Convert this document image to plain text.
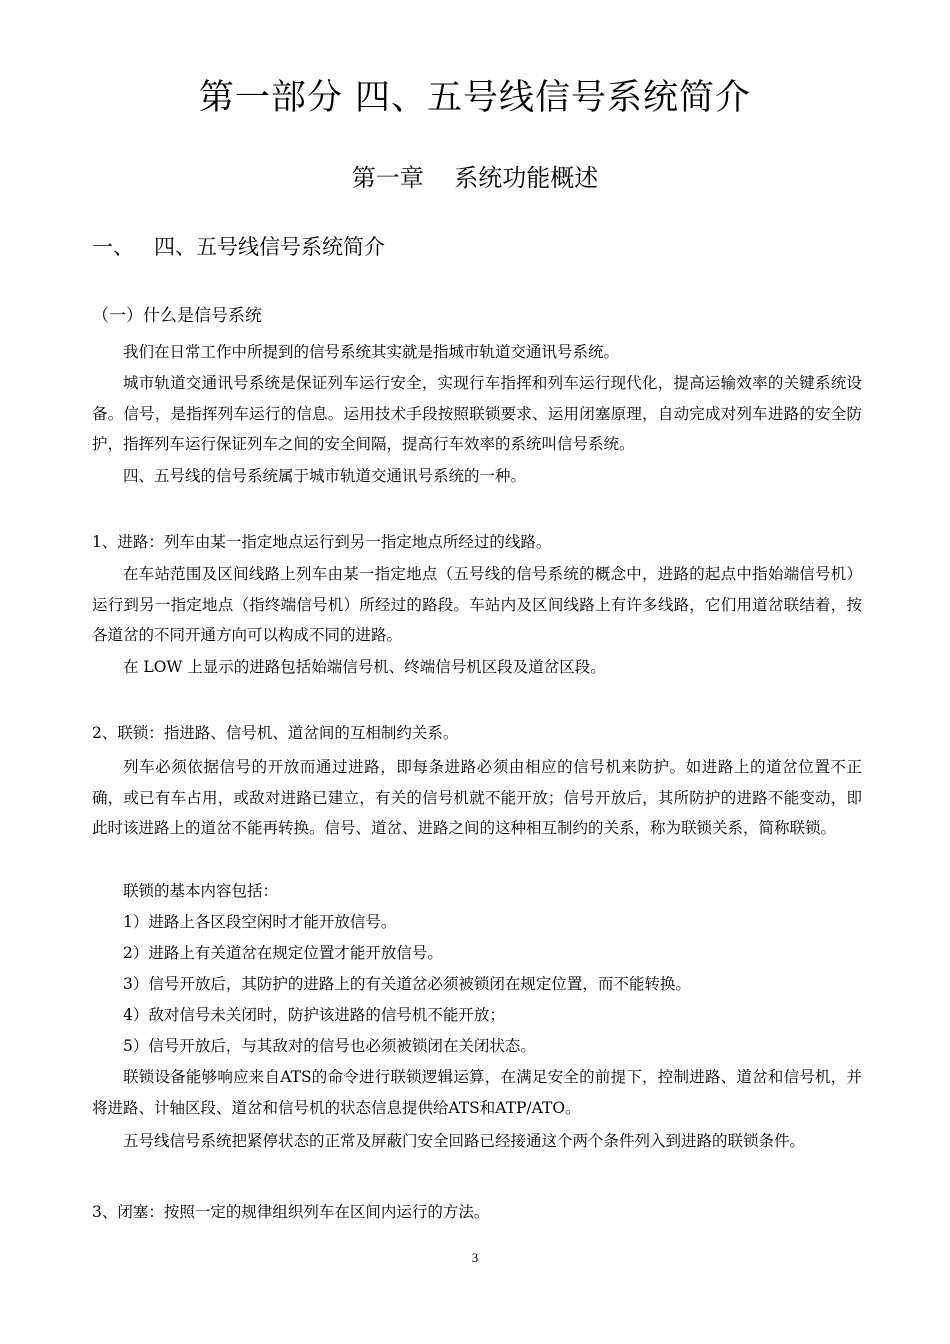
第一部分 四、五号线信号系统简介
第一章    系统功能概述
一、   四、五号线信号系统简介
（一）什么是信号系统

我们在日常工作中所提到的信号系统其实就是指城市轨道交通讯号系统。

城市轨道交通讯号系统是保证列车运行安全，实现行车指挥和列车运行现代化，提高运输效率的关键系统设备。信号，是指挥列车运行的信息。运用技术手段按照联锁要求、运用闭塞原理，自动完成对列车进路的安全防护，指挥列车运行保证列车之间的安全间隔，提高行车效率的系统叫信号系统。

四、五号线的信号系统属于城市轨道交通讯号系统的一种。

1、进路：列车由某一指定地点运行到另一指定地点所经过的线路。

在车站范围及区间线路上列车由某一指定地点（五号线的信号系统的概念中，进路的起点中指始端信号机）运行到另一指定地点（指终端信号机）所经过的路段。车站内及区间线路上有许多线路，它们用道岔联结着，按各道岔的不同开通方向可以构成不同的进路。

在 LOW 上显示的进路包括始端信号机、终端信号机区段及道岔区段。

2、联锁：指进路、信号机、道岔间的互相制约关系。

列车必须依据信号的开放而通过进路，即每条进路必须由相应的信号机来防护。如进路上的道岔位置不正确，或已有车占用，或敌对进路已建立，有关的信号机就不能开放；信号开放后，其所防护的进路不能变动，即此时该进路上的道岔不能再转换。信号、道岔、进路之间的这种相互制约的关系，称为联锁关系，简称联锁。

联锁的基本内容包括：

1）进路上各区段空闲时才能开放信号。

2）进路上有关道岔在规定位置才能开放信号。

3）信号开放后，其防护的进路上的有关道岔必须被锁闭在规定位置，而不能转换。

4）敌对信号未关闭时，防护该进路的信号机不能开放；

5）信号开放后，与其敌对的信号也必须被锁闭在关闭状态。

联锁设备能够响应来自ATS的命令进行联锁逻辑运算，在满足安全的前提下，控制进路、道岔和信号机，并将进路、计轴区段、道岔和信号机的状态信息提供给ATS和ATP/ATO。

五号线信号系统把紧停状态的正常及屏蔽门安全回路已经接通这个两个条件列入到进路的联锁条件。

3、闭塞：按照一定的规律组织列车在区间内运行的方法。

3
